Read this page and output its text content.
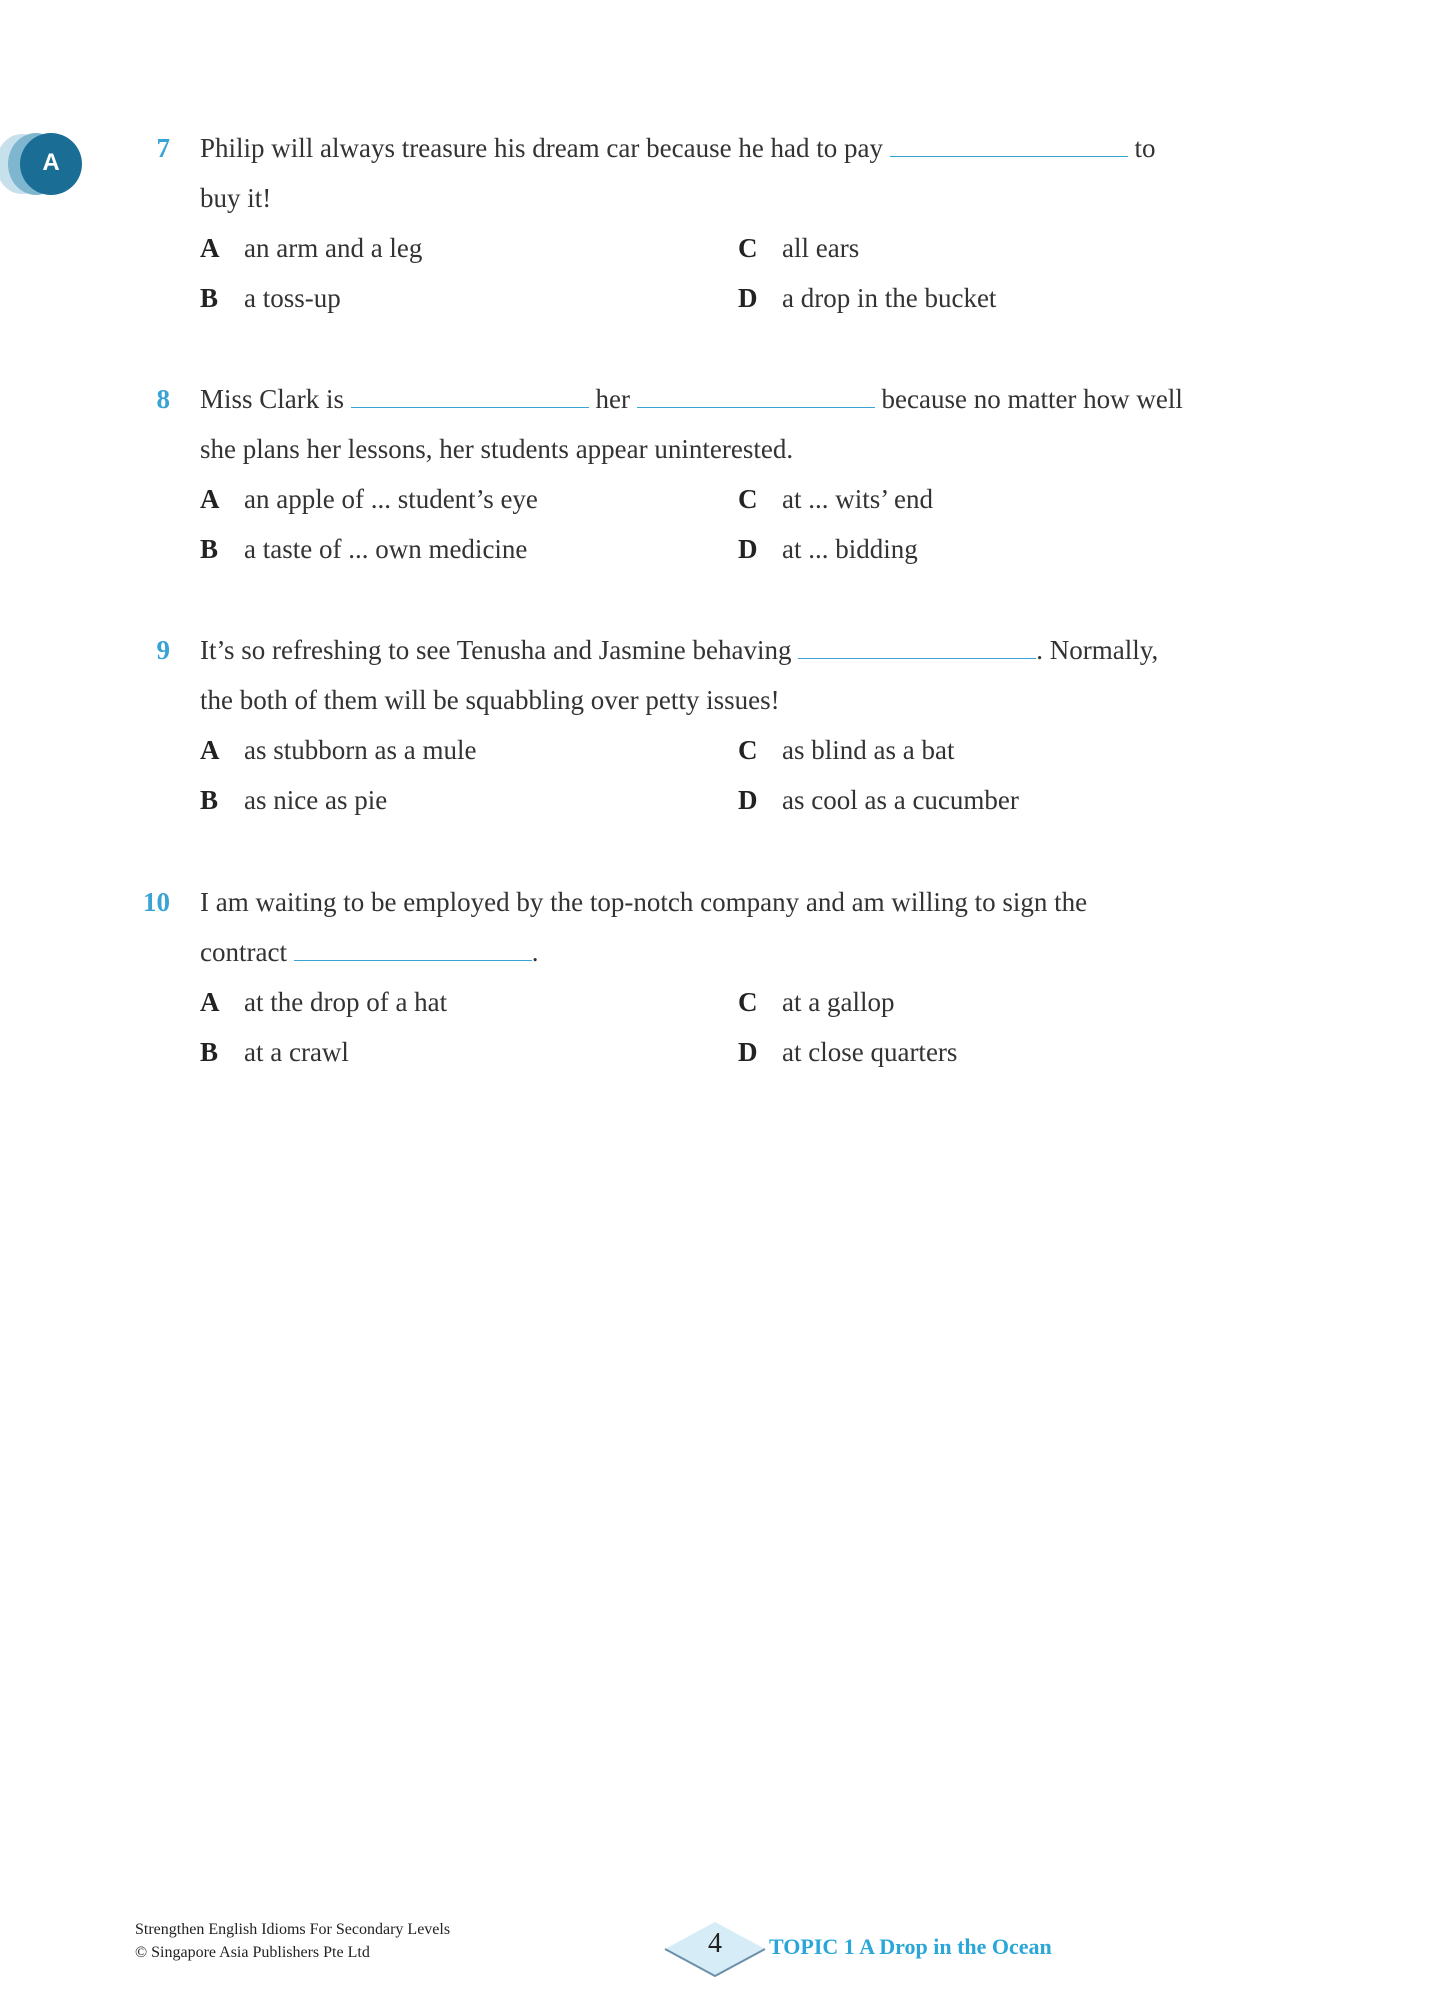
A	7 Philip will always treasure his dream car because he had to pay	to
buy it!
A an arm and a leg
B a toss-up
C all ears
D a drop in the bucket
8 Miss Clark is	her	because no matter how well
she plans her lessons, her students appear uninterested.
A an apple of ... student’s eye
B a taste of ... own medicine
C at ... wits’ end
D at ... bidding
9 It’s so refreshing to see Tenusha and Jasmine behaving	. Normally,
the both of them will be squabbling over petty issues!
A as stubborn as a mule
B as nice as pie
C as blind as a bat
D as cool as a cucumber
10 I am waiting to be employed by the top-notch company and am willing to sign the
contract	.
A at the drop of a hat
B at a crawl
C at a gallop
D at close quarters
Strengthen English Idioms For Secondary Levels
© Singapore Asia Publishers Pte Ltd	4	TOPIC 1 A Drop in the Ocean
